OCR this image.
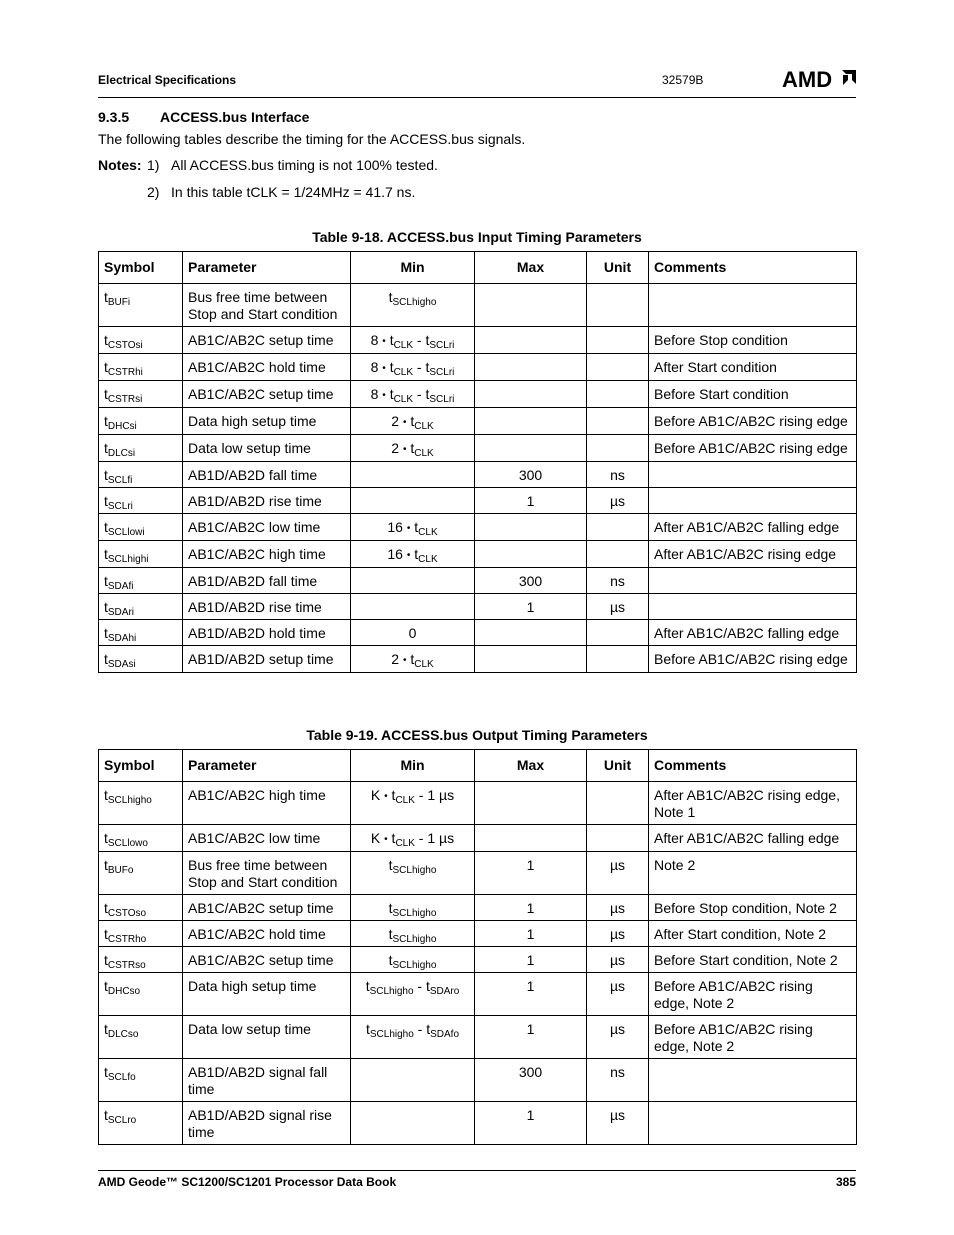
Electrical Specifications	32579B	AMD
9.3.5 ACCESS.bus Interface
The following tables describe the timing for the ACCESS.bus signals.
Notes: 1) All ACCESS.bus timing is not 100% tested.
2) In this table tCLK = 1/24MHz = 41.7 ns.
Table 9-18. ACCESS.bus Input Timing Parameters
Symbol	Parameter	Min	Max	Unit	Comments
$t_{BUFi}$	Bus free time between Stop and Start condition	$t_{SCLhigho}$			
$t_{CSTOsi}$	AB1C/AB2C setup time	8 • $t_{CLK} - t_{SCLri}$			Before Stop condition
$t_{CSTRhi}$	AB1C/AB2C hold time	8 • $t_{CLK} - t_{SCLri}$			After Start condition
$t_{CSTRsi}$	AB1C/AB2C setup time	8 • $t_{CLK} - t_{SCLri}$			Before Start condition
$t_{DHCsi}$	Data high setup time	2 • $t_{CLK}$			Before AB1C/AB2C rising edge
$t_{DLCsi}$	Data low setup time	2 • $t_{CLK}$			Before AB1C/AB2C rising edge
$t_{SCLfi}$	AB1D/AB2D fall time		300	ns	
$t_{SCLri}$	AB1D/AB2D rise time		1	µs	
$t_{SCLlowi}$	AB1C/AB2C low time	16 • $t_{CLK}$			After AB1C/AB2C falling edge
$t_{SCLhighi}$	AB1C/AB2C high time	16 • $t_{CLK}$			After AB1C/AB2C rising edge
$t_{SDAfi}$	AB1D/AB2D fall time		300	ns	
$t_{SDAri}$	AB1D/AB2D rise time		1	µs	
$t_{SDAhi}$	AB1D/AB2D hold time	0			After AB1C/AB2C falling edge
$t_{SDAsi}$	AB1D/AB2D setup time	2 • $t_{CLK}$			Before AB1C/AB2C rising edge
Table 9-19. ACCESS.bus Output Timing Parameters
Symbol	Parameter	Min	Max	Unit	Comments
$t_{SCLhigho}$	AB1C/AB2C high time	K • $t_{CLK} - 1$ µs			After AB1C/AB2C rising edge, Note 1
$t_{SCLlowo}$	AB1C/AB2C low time	K • $t_{CLK} - 1$ µs			After AB1C/AB2C falling edge
$t_{BUFo}$	Bus free time between Stop and Start condition	$t_{SCLhigho}$	1	µs	Note 2
$t_{CSTOso}$	AB1C/AB2C setup time	$t_{SCLhigho}$	1	µs	Before Stop condition, Note 2
$t_{CSTRho}$	AB1C/AB2C hold time	$t_{SCLhigho}$	1	µs	After Start condition, Note 2
$t_{CSTRso}$	AB1C/AB2C setup time	$t_{SCLhigho}$	1	µs	Before Start condition, Note 2
$t_{DHCso}$	Data high setup time	$t_{SCLhigho} - t_{SDAro}$	1	µs	Before AB1C/AB2C rising edge, Note 2
$t_{DLCso}$	Data low setup time	$t_{SCLhigho} - t_{SDAfo}$	1	µs	Before AB1C/AB2C rising edge, Note 2
$t_{SCLfo}$	AB1D/AB2D signal fall time		300	ns	
$t_{SCLro}$	AB1D/AB2D signal rise time		1	µs	
AMD Geode™ SC1200/SC1201 Processor Data Book	385
